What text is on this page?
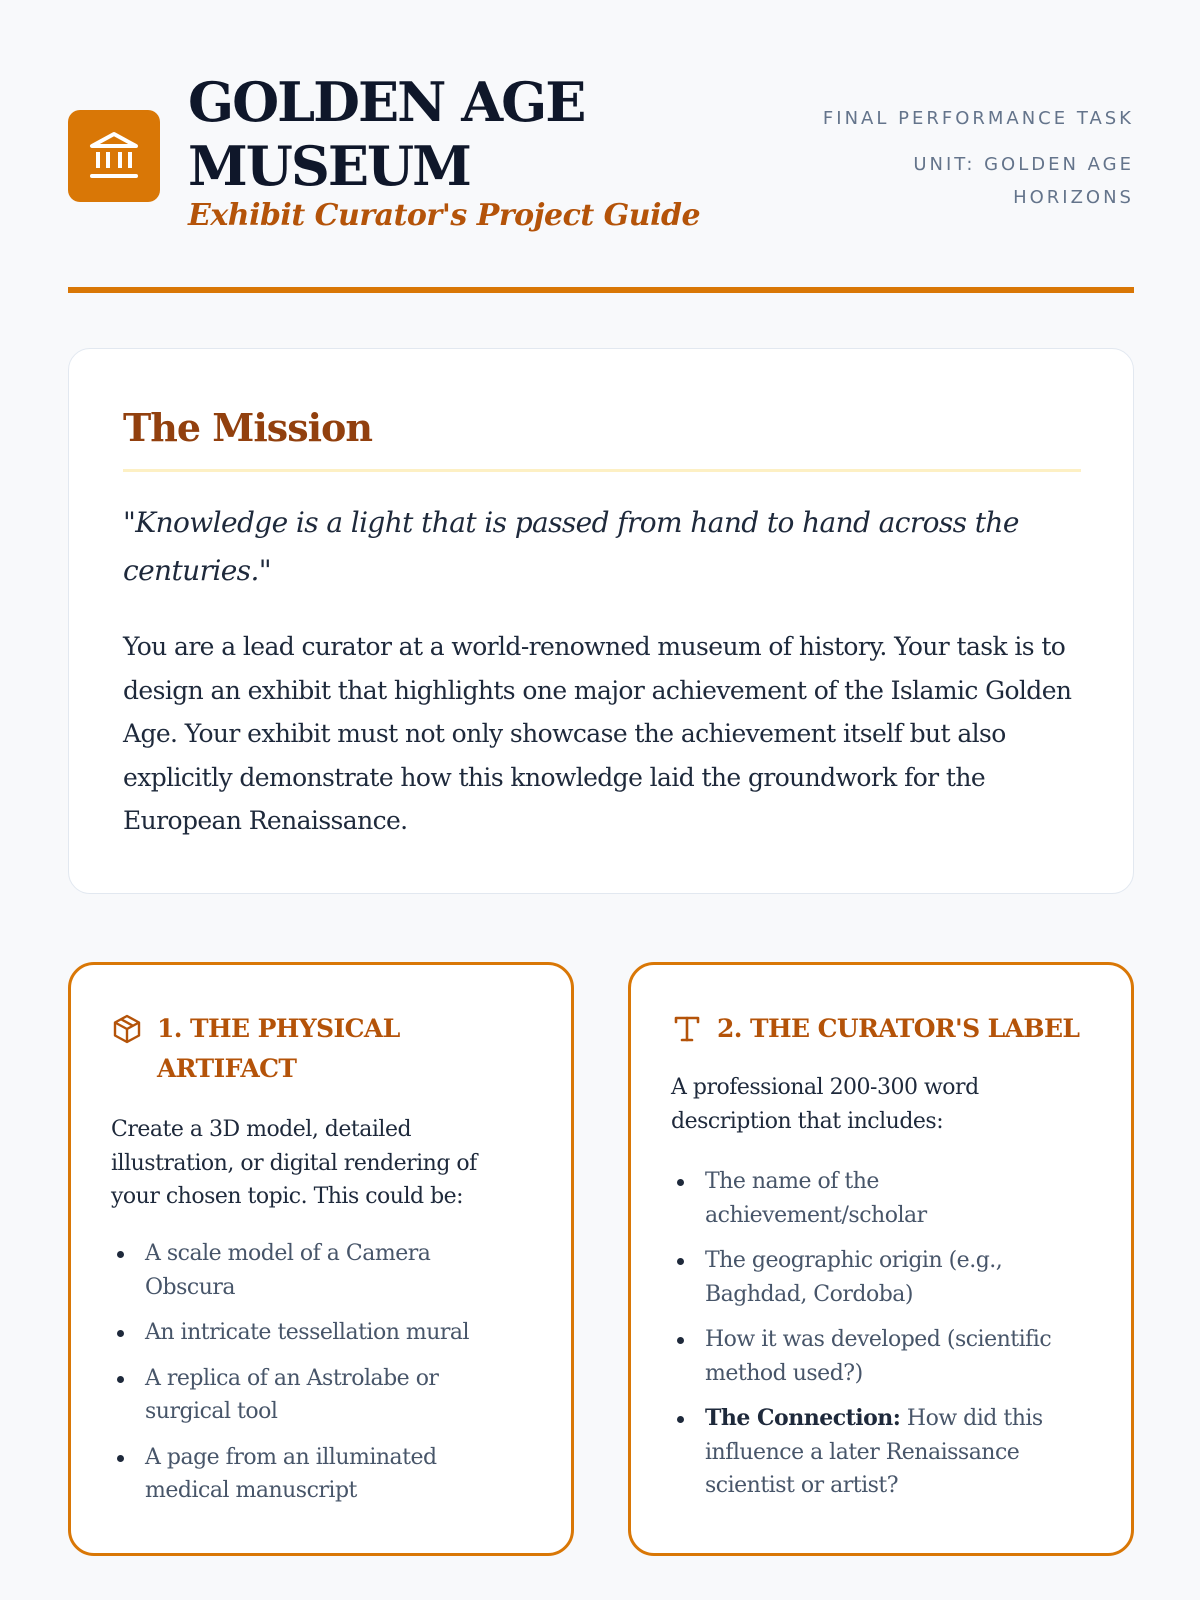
GOLDEN AGE
MUSEUM
Exhibit Curator's Project Guide
FINAL PERFORMANCE TASK
UNIT: GOLDEN AGE HORIZONS
The Mission
"Knowledge is a light that is passed from hand to hand across the centuries."
You are a lead curator at a world-renowned museum of history. Your task is to design an exhibit that highlights one major achievement of the Islamic Golden Age. Your exhibit must not only showcase the achievement itself but also explicitly demonstrate how this knowledge laid the groundwork for the European Renaissance.
1. THE PHYSICAL ARTIFACT
Create a 3D model, detailed illustration, or digital rendering of your chosen topic. This could be:
A scale model of a Camera Obscura
An intricate tessellation mural
A replica of an Astrolabe or surgical tool
A page from an illuminated medical manuscript
2. THE CURATOR'S LABEL
A professional 200-300 word description that includes:
The name of the achievement/scholar
The geographic origin (e.g., Baghdad, Cordoba)
How it was developed (scientific method used?)
The Connection: How did this influence a later Renaissance scientist or artist?
